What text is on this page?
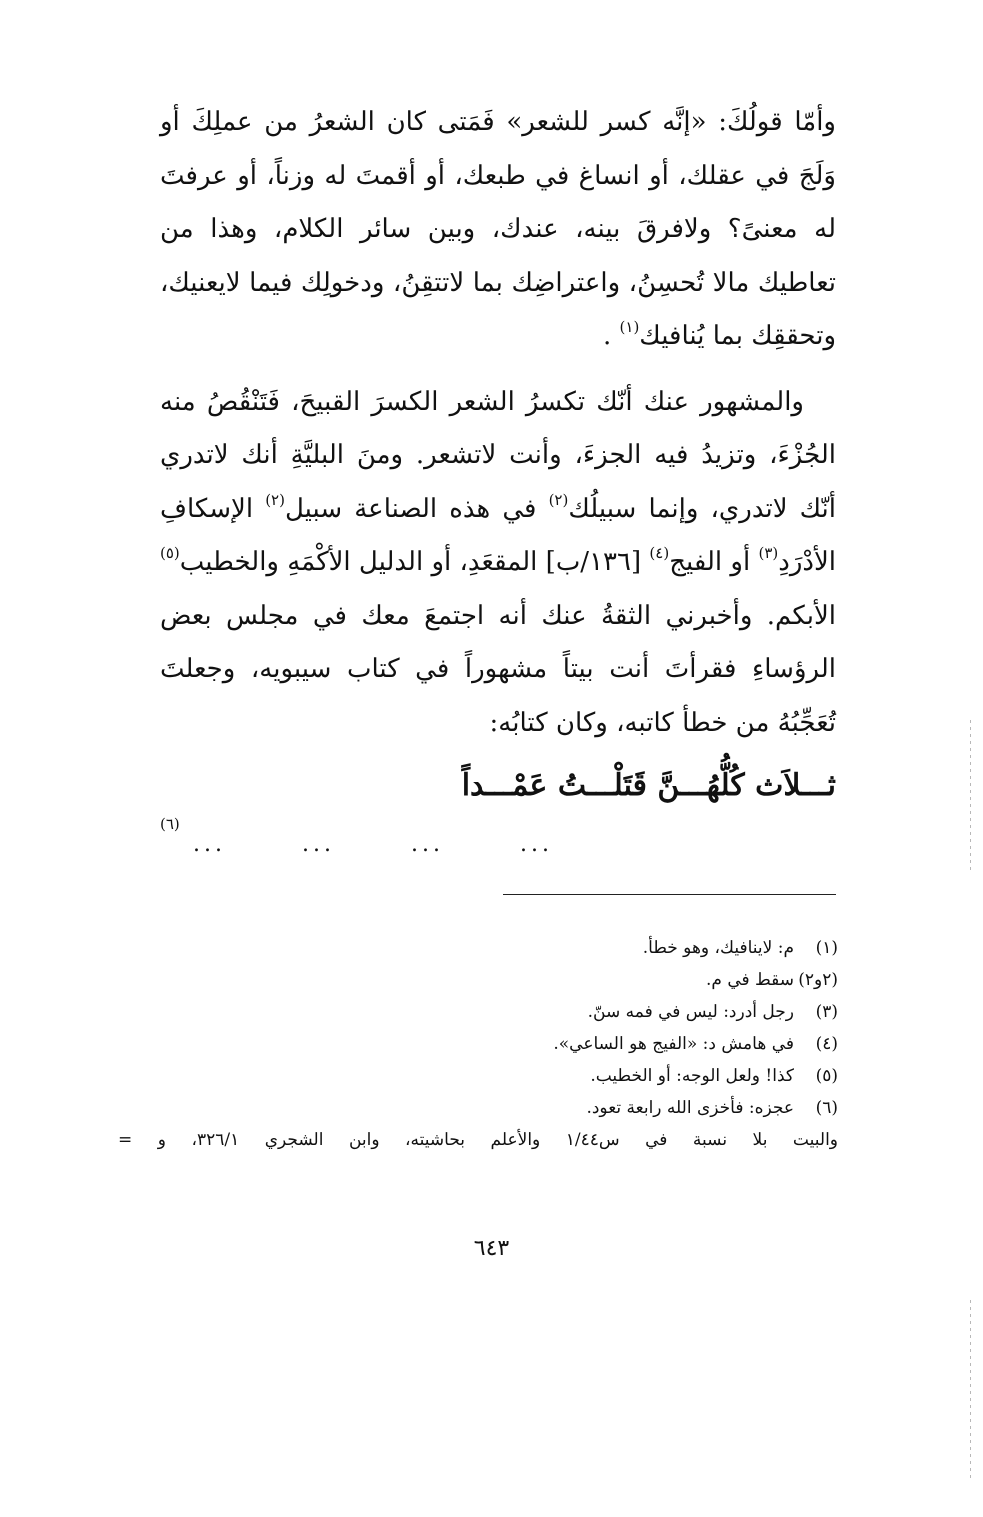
وأمّا قولُكَ: «إنَّه كسر للشعر» فَمَتى كان الشعرُ من عملِكَ أو وَلَجَ في عقلك، أو انساغ في طبعك، أو أقمتَ له وزناً، أو عرفتَ له معنىً؟ ولافرقَ بينه، عندك، وبين سائر الكلام، وهذا من تعاطيك مالا تُحسِنُ، واعتراضِك بما لاتتقِنُ، ودخولِك فيما لايعنيك، وتحققِك بما يُنافيك$^{(١)}$ .

والمشهور عنك أنّك تكسرُ الشعر الكسرَ القبيحَ، فَتَنْقُصُ منه الجُزْءَ، وتزيدُ فيه الجزءَ، وأنت لاتشعر. ومنَ البليَّةِ أنك لاتدري أنّك لاتدري، وإنما سبيلُك$^{(٢)}$ في هذه الصناعة سبيل$^{(٢)}$ الإسكافِ الأدْرَدِ$^{(٣)}$ أو الفيج$^{(٤)}$ [١٣٦/ب] المقعَدِ، أو الدليل الأكْمَهِ والخطيب$^{(٥)}$ الأبكم. وأخبرني الثقةُ عنك أنه اجتمعَ معك في مجلس بعض الرؤساءِ فقرأتَ أنت بيتاً مشهوراً في كتاب سيبويه، وجعلتَ تُعَجِّبُهُ من خطأ كاتبه، وكان كتابُه:

ثـــلاَث كُلُّهُـــنَّ قَتَلْـــتُ عَمْـــداً
(٦)
...	...	...	...

(١)م: لاينافيك، وهو خطأ.

(٢و٢)سقط في م.

(٣)رجل أدرد: ليس في فمه سنّ.

(٤)في هامش د: «الفيج هو الساعي».

(٥)كذا! ولعل الوجه: أو الخطيب.

(٦)عجزه: فأخزى الله رابعة تعود.

والبيت بلا نسبة في س١/٤٤ والأعلم بحاشيته، وابن الشجري ٣٢٦/١، و =

٦٤٣
